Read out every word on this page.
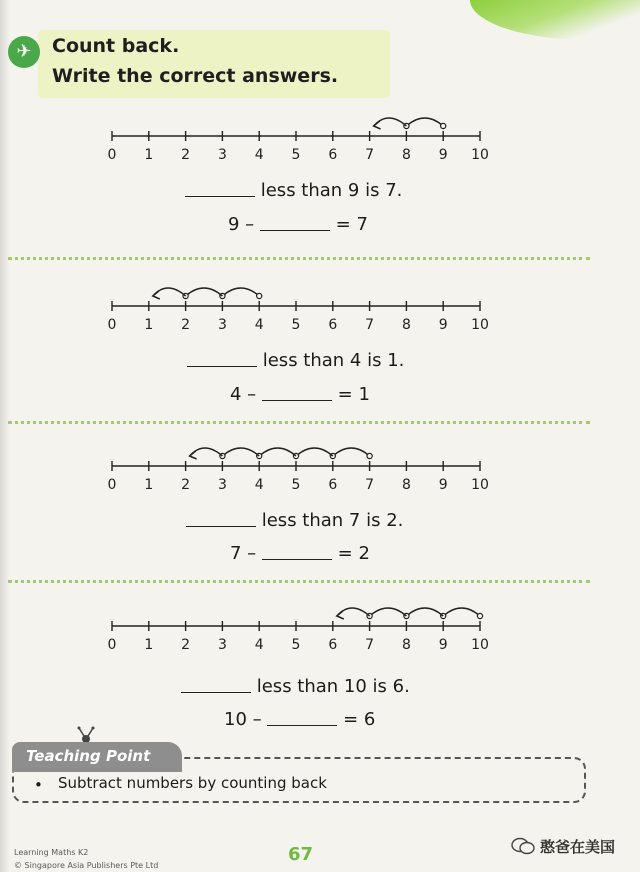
✈	Count back.
Write the correct answers.
0 1 2 3 4 5 6 7 8 9 10
less than 9 is 7.
9 –	= 7
0 1 2 3 4 5 6 7 8 9 10
less than 4 is 1.
4 –	= 1
0 1 2 3 4 5 6 7 8 9 10
less than 7 is 2.
7 –	= 2
0 1 2 3 4 5 6 7 8 9 10
less than 10 is 6.
10 –	= 6
Teaching Point
• Subtract numbers by counting back
Learning Maths K2
© Singapore Asia Publishers Pte Ltd
67	憨爸在美国
